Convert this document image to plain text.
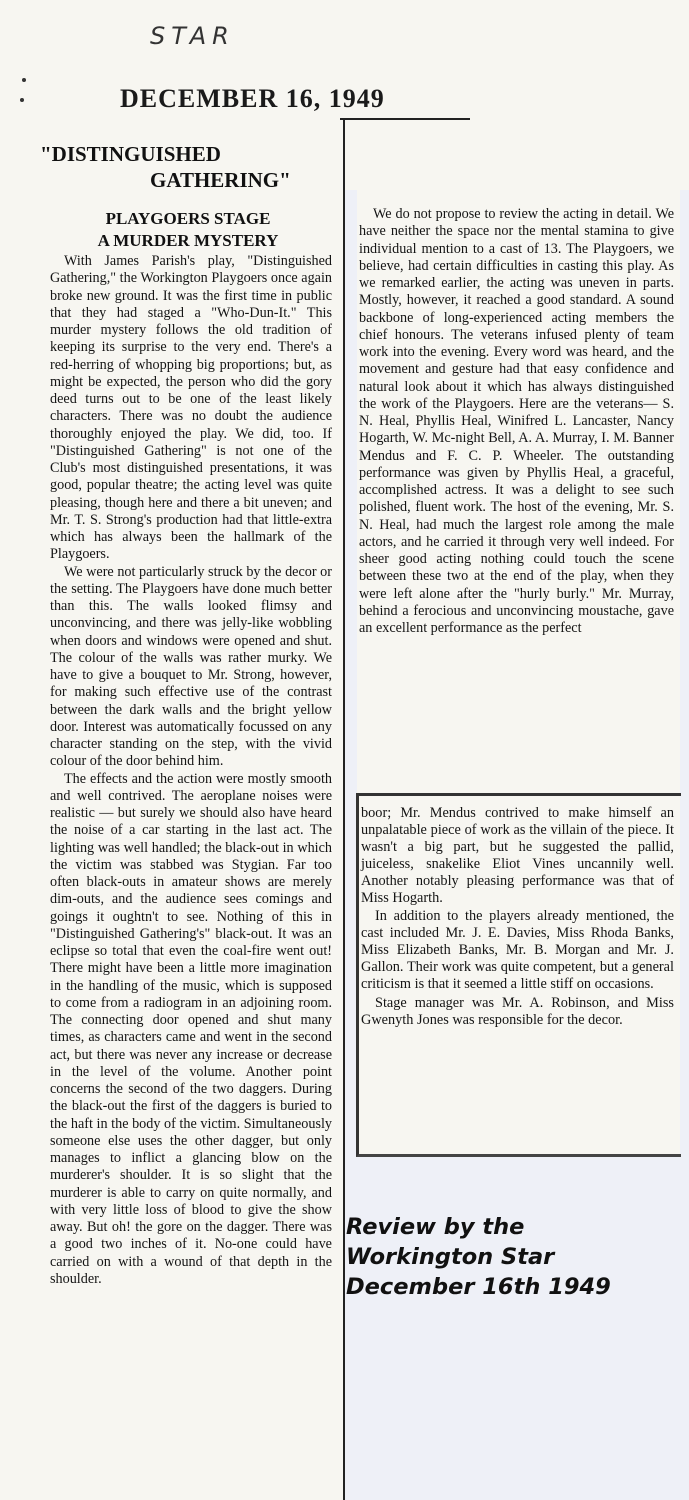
STAR
DECEMBER 16, 1949
"DISTINGUISHED
GATHERING"
PLAYGOERS STAGE
A MURDER MYSTERY

With James Parish's play, "Distinguished Gathering," the Workington Playgoers once again broke new ground. It was the first time in public that they had staged a "Who-Dun-It." This murder mystery follows the old tradition of keeping its surprise to the very end. There's a red-herring of whopping big proportions; but, as might be expected, the person who did the gory deed turns out to be one of the least likely characters. There was no doubt the audience thoroughly enjoyed the play. We did, too. If "Distinguished Gathering" is not one of the Club's most distinguished presentations, it was good, popular theatre; the acting level was quite pleasing, though here and there a bit uneven; and Mr. T. S. Strong's production had that little-extra which has always been the hallmark of the Playgoers.

We were not particularly struck by the decor or the setting. The Playgoers have done much better than this. The walls looked flimsy and unconvincing, and there was jelly-like wobbling when doors and windows were opened and shut. The colour of the walls was rather murky. We have to give a bouquet to Mr. Strong, however, for making such effective use of the contrast between the dark walls and the bright yellow door. Interest was automatically focussed on any character standing on the step, with the vivid colour of the door behind him.

The effects and the action were mostly smooth and well contrived. The aeroplane noises were realistic — but surely we should also have heard the noise of a car starting in the last act. The lighting was well handled; the black-out in which the victim was stabbed was Stygian. Far too often black-outs in amateur shows are merely dim-outs, and the audience sees comings and goings it oughtn't to see. Nothing of this in "Distinguished Gathering's" black-out. It was an eclipse so total that even the coal-fire went out! There might have been a little more imagination in the handling of the music, which is supposed to come from a radiogram in an adjoining room. The connecting door opened and shut many times, as characters came and went in the second act, but there was never any increase or decrease in the level of the volume. Another point concerns the second of the two daggers. During the black-out the first of the daggers is buried to the haft in the body of the victim. Simultaneously someone else uses the other dagger, but only manages to inflict a glancing blow on the murderer's shoulder. It is so slight that the murderer is able to carry on quite normally, and with very little loss of blood to give the show away. But oh! the gore on the dagger. There was a good two inches of it. No-one could have carried on with a wound of that depth in the shoulder.

We do not propose to review the acting in detail. We have neither the space nor the mental stamina to give individual mention to a cast of 13. The Playgoers, we believe, had certain difficulties in casting this play. As we remarked earlier, the acting was uneven in parts. Mostly, however, it reached a good standard. A sound backbone of long-experienced acting members the chief honours. The veterans infused plenty of team work into the evening. Every word was heard, and the movement and gesture had that easy confidence and natural look about it which has always distinguished the work of the Playgoers. Here are the veterans— S. N. Heal, Phyllis Heal, Winifred L. Lancaster, Nancy Hogarth, W. Mc-night Bell, A. A. Murray, I. M. Banner Mendus and F. C. P. Wheeler. The outstanding performance was given by Phyllis Heal, a graceful, accomplished actress. It was a delight to see such polished, fluent work. The host of the evening, Mr. S. N. Heal, had much the largest role among the male actors, and he carried it through very well indeed. For sheer good acting nothing could touch the scene between these two at the end of the play, when they were left alone after the "hurly burly." Mr. Murray, behind a ferocious and unconvincing moustache, gave an excellent performance as the perfect

boor; Mr. Mendus contrived to make himself an unpalatable piece of work as the villain of the piece. It wasn't a big part, but he suggested the pallid, juiceless, snakelike Eliot Vines uncannily well. Another notably pleasing performance was that of Miss Hogarth.

In addition to the players already mentioned, the cast included Mr. J. E. Davies, Miss Rhoda Banks, Miss Elizabeth Banks, Mr. B. Morgan and Mr. J. Gallon. Their work was quite competent, but a general criticism is that it seemed a little stiff on occasions.

Stage manager was Mr. A. Robinson, and Miss Gwenyth Jones was responsible for the decor.

Review by the
Workington Star
December 16th 1949
